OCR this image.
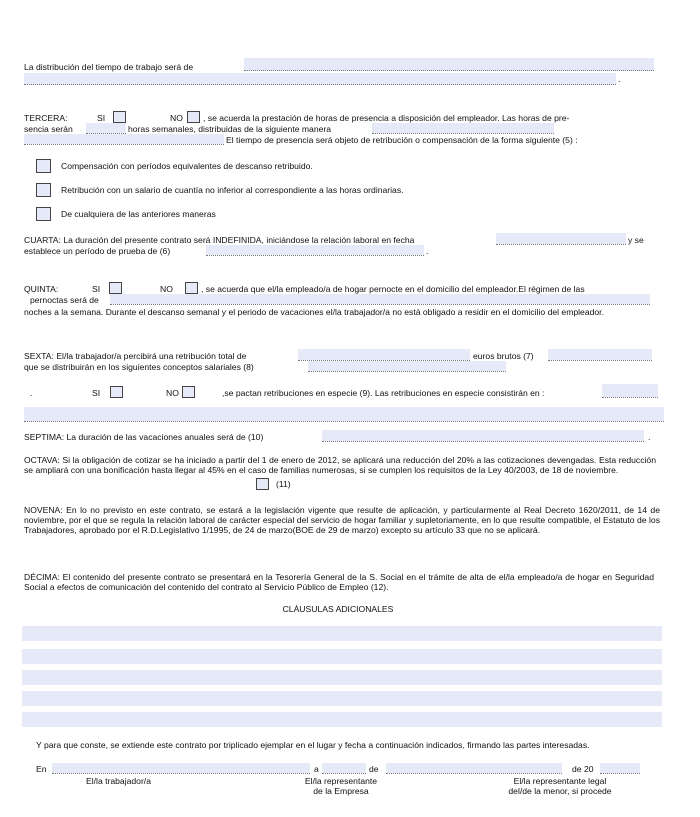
La distribución del tiempo de trabajo será de
.
TERCERA:	SI	NO , se acuerda la prestación de horas de presencia a disposición del empleador. Las horas de pre-
sencia serán	horas semanales, distribuidas de la siguiente manera
El tiempo de presencia será objeto de retribución o compensación de la forma siguiente (5) :
Compensación con períodos equivalentes de descanso retribuido.
Retribución con un salario de cuantía no inferior al correspondiente a las horas ordinarias.
De cualquiera de las anteriores maneras
CUARTA: La duración del presente contrato será INDEFINIDA, iniciándose la relación laboral en fecha	y se
establece un período de prueba de (6)	.
QUINTA:	SI	NO	, se acuerda que el/la empleado/a de hogar pernocte en el domicilio del empleador.El régimen de las
pernoctas será de
noches a la semana. Durante el descanso semanal y el periodo de vacaciones el/la trabajador/a no está obligado a residir en el domicilio del empleador.
SEXTA: El/la trabajador/a percibirá una retribución total de	euros brutos (7)
que se distribuirán en los siguientes conceptos salariales (8)
.	SI	NO	,se pactan retribuciones en especie (9). Las retribuciones en especie consistirán en :
SEPTIMA: La duración de las vacaciones anuales será de (10)	.
OCTAVA: Si la obligación de cotizar se ha iniciado a partir del 1 de enero de 2012, se aplicará una reducción del 20% a las cotizaciones devengadas. Esta reducción se ampliará con una bonificación hasta llegar al 45% en el caso de familias numerosas, si se cumplen los requisitos de la Ley 40/2003, de 18 de noviembre.
(11)
NOVENA: En lo no previsto en este contrato, se estará a la legislación vigente que resulte de aplicación, y particularmente al Real Decreto 1620/2011, de 14 de noviembre, por el que se regula la relación laboral de carácter especial del servicio de hogar familiar y supletoriamente, en lo que resulte compatible, el Estatuto de los Trabajadores, aprobado por el R.D.Legislativo 1/1995, de 24 de marzo(BOE de 29 de marzo) excepto su artículo 33 que no se aplicará.
DÉCIMA: El contenido del presente contrato se presentará en la Tesorería General de la S. Social en el trámite de alta de el/la empleado/a de hogar en Seguridad Social a efectos de comunicación del contenido del contrato al Servicio Público de Empleo (12).
CLÁUSULAS ADICIONALES
Y para que conste, se extiende este contrato por triplicado ejemplar en el lugar y fecha a continuación indicados, firmando las partes interesadas.
En	a	de	de 20
El/la trabajador/a	El/la representante
de la Empresa
El/la representante legal
del/de la menor, si procede
